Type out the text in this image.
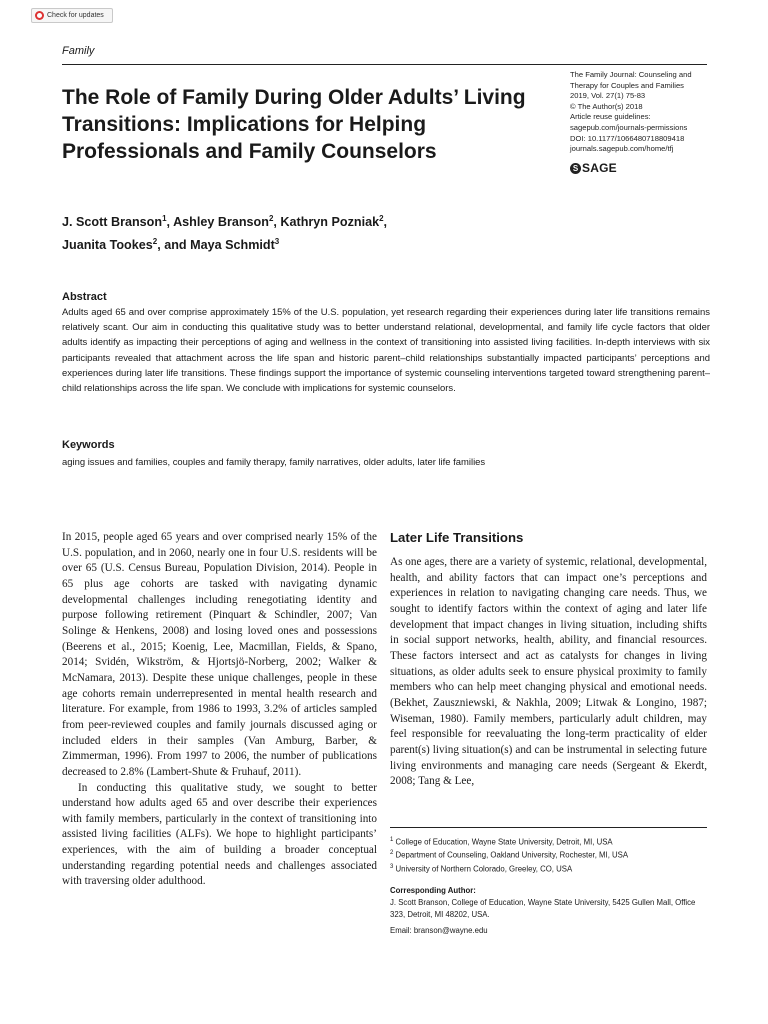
Check for updates
Family
The Role of Family During Older Adults’ Living Transitions: Implications for Helping Professionals and Family Counselors
The Family Journal: Counseling and
Therapy for Couples and Families
2019, Vol. 27(1) 75-83
© The Author(s) 2018
Article reuse guidelines:
sagepub.com/journals-permissions
DOI: 10.1177/1066480718809418
journals.sagepub.com/home/tfj
S SAGE
J. Scott Branson$^1$, Ashley Branson$^2$, Kathryn Pozniak$^2$,
Juanita Tookes$^2$, and Maya Schmidt$^3$
Abstract
Adults aged 65 and over comprise approximately 15% of the U.S. population, yet research regarding their experiences during later life transitions remains relatively scant. Our aim in conducting this qualitative study was to better understand relational, developmental, and family life cycle factors that older adults identify as impacting their perceptions of aging and wellness in the context of transitioning into assisted living facilities. In-depth interviews with six participants revealed that attachment across the life span and historic parent–child relationships substantially impacted participants’ perceptions and experiences during later life transitions. These findings support the importance of systemic counseling interventions targeted toward strengthening parent–child relationships across the life span. We conclude with implications for systemic counselors.
Keywords
aging issues and families, couples and family therapy, family narratives, older adults, later life families

In 2015, people aged 65 years and over comprised nearly 15% of the U.S. population, and in 2060, nearly one in four U.S. residents will be over 65 (U.S. Census Bureau, Population Division, 2014). People in 65 plus age cohorts are tasked with navigating dynamic developmental challenges including renegotiating identity and purpose following retirement (Pinquart & Schindler, 2007; Van Solinge & Henkens, 2008) and losing loved ones and possessions (Beerens et al., 2015; Koenig, Lee, Macmillan, Fields, & Spano, 2014; Svidén, Wikström, & Hjortsjö-Norberg, 2002; Walker & McNamara, 2013). Despite these unique challenges, people in these age cohorts remain underrepresented in mental health research and literature. For example, from 1986 to 1993, 3.2% of articles sampled from peer-reviewed couples and family journals discussed aging or included elders in their samples (Van Amburg, Barber, & Zimmerman, 1996). From 1997 to 2006, the number of publications decreased to 2.8% (Lambert-Shute & Fruhauf, 2011).

In conducting this qualitative study, we sought to better understand how adults aged 65 and over describe their experiences with family members, particularly in the context of transitioning into assisted living facilities (ALFs). We hope to highlight participants’ experiences, with the aim of building a broader conceptual understanding regarding potential needs and challenges associated with traversing older adulthood.

Later Life Transitions

As one ages, there are a variety of systemic, relational, developmental, health, and ability factors that can impact one’s perceptions and experiences in relation to navigating changing care needs. Thus, we sought to identify factors within the context of aging and later life development that impact changes in living situation, including shifts in social support networks, health, ability, and financial resources. These factors intersect and act as catalysts for changes in living situations, as older adults seek to ensure physical proximity to family members who can help meet changing physical and emotional needs. (Bekhet, Zauszniewski, & Nakhla, 2009; Litwak & Longino, 1987; Wiseman, 1980). Family members, particularly adult children, may feel responsible for reevaluating the long-term practicality of elder parent(s) living situation(s) and can be instrumental in selecting future living environments and managing care needs (Sergeant & Ekerdt, 2008; Tang & Lee,

$^1$ College of Education, Wayne State University, Detroit, MI, USA
$^2$ Department of Counseling, Oakland University, Rochester, MI, USA
$^3$ University of Northern Colorado, Greeley, CO, USA
Corresponding Author:
J. Scott Branson, College of Education, Wayne State University, 5425 Gullen Mall, Office 323, Detroit, MI 48202, USA.
Email: branson@wayne.edu
